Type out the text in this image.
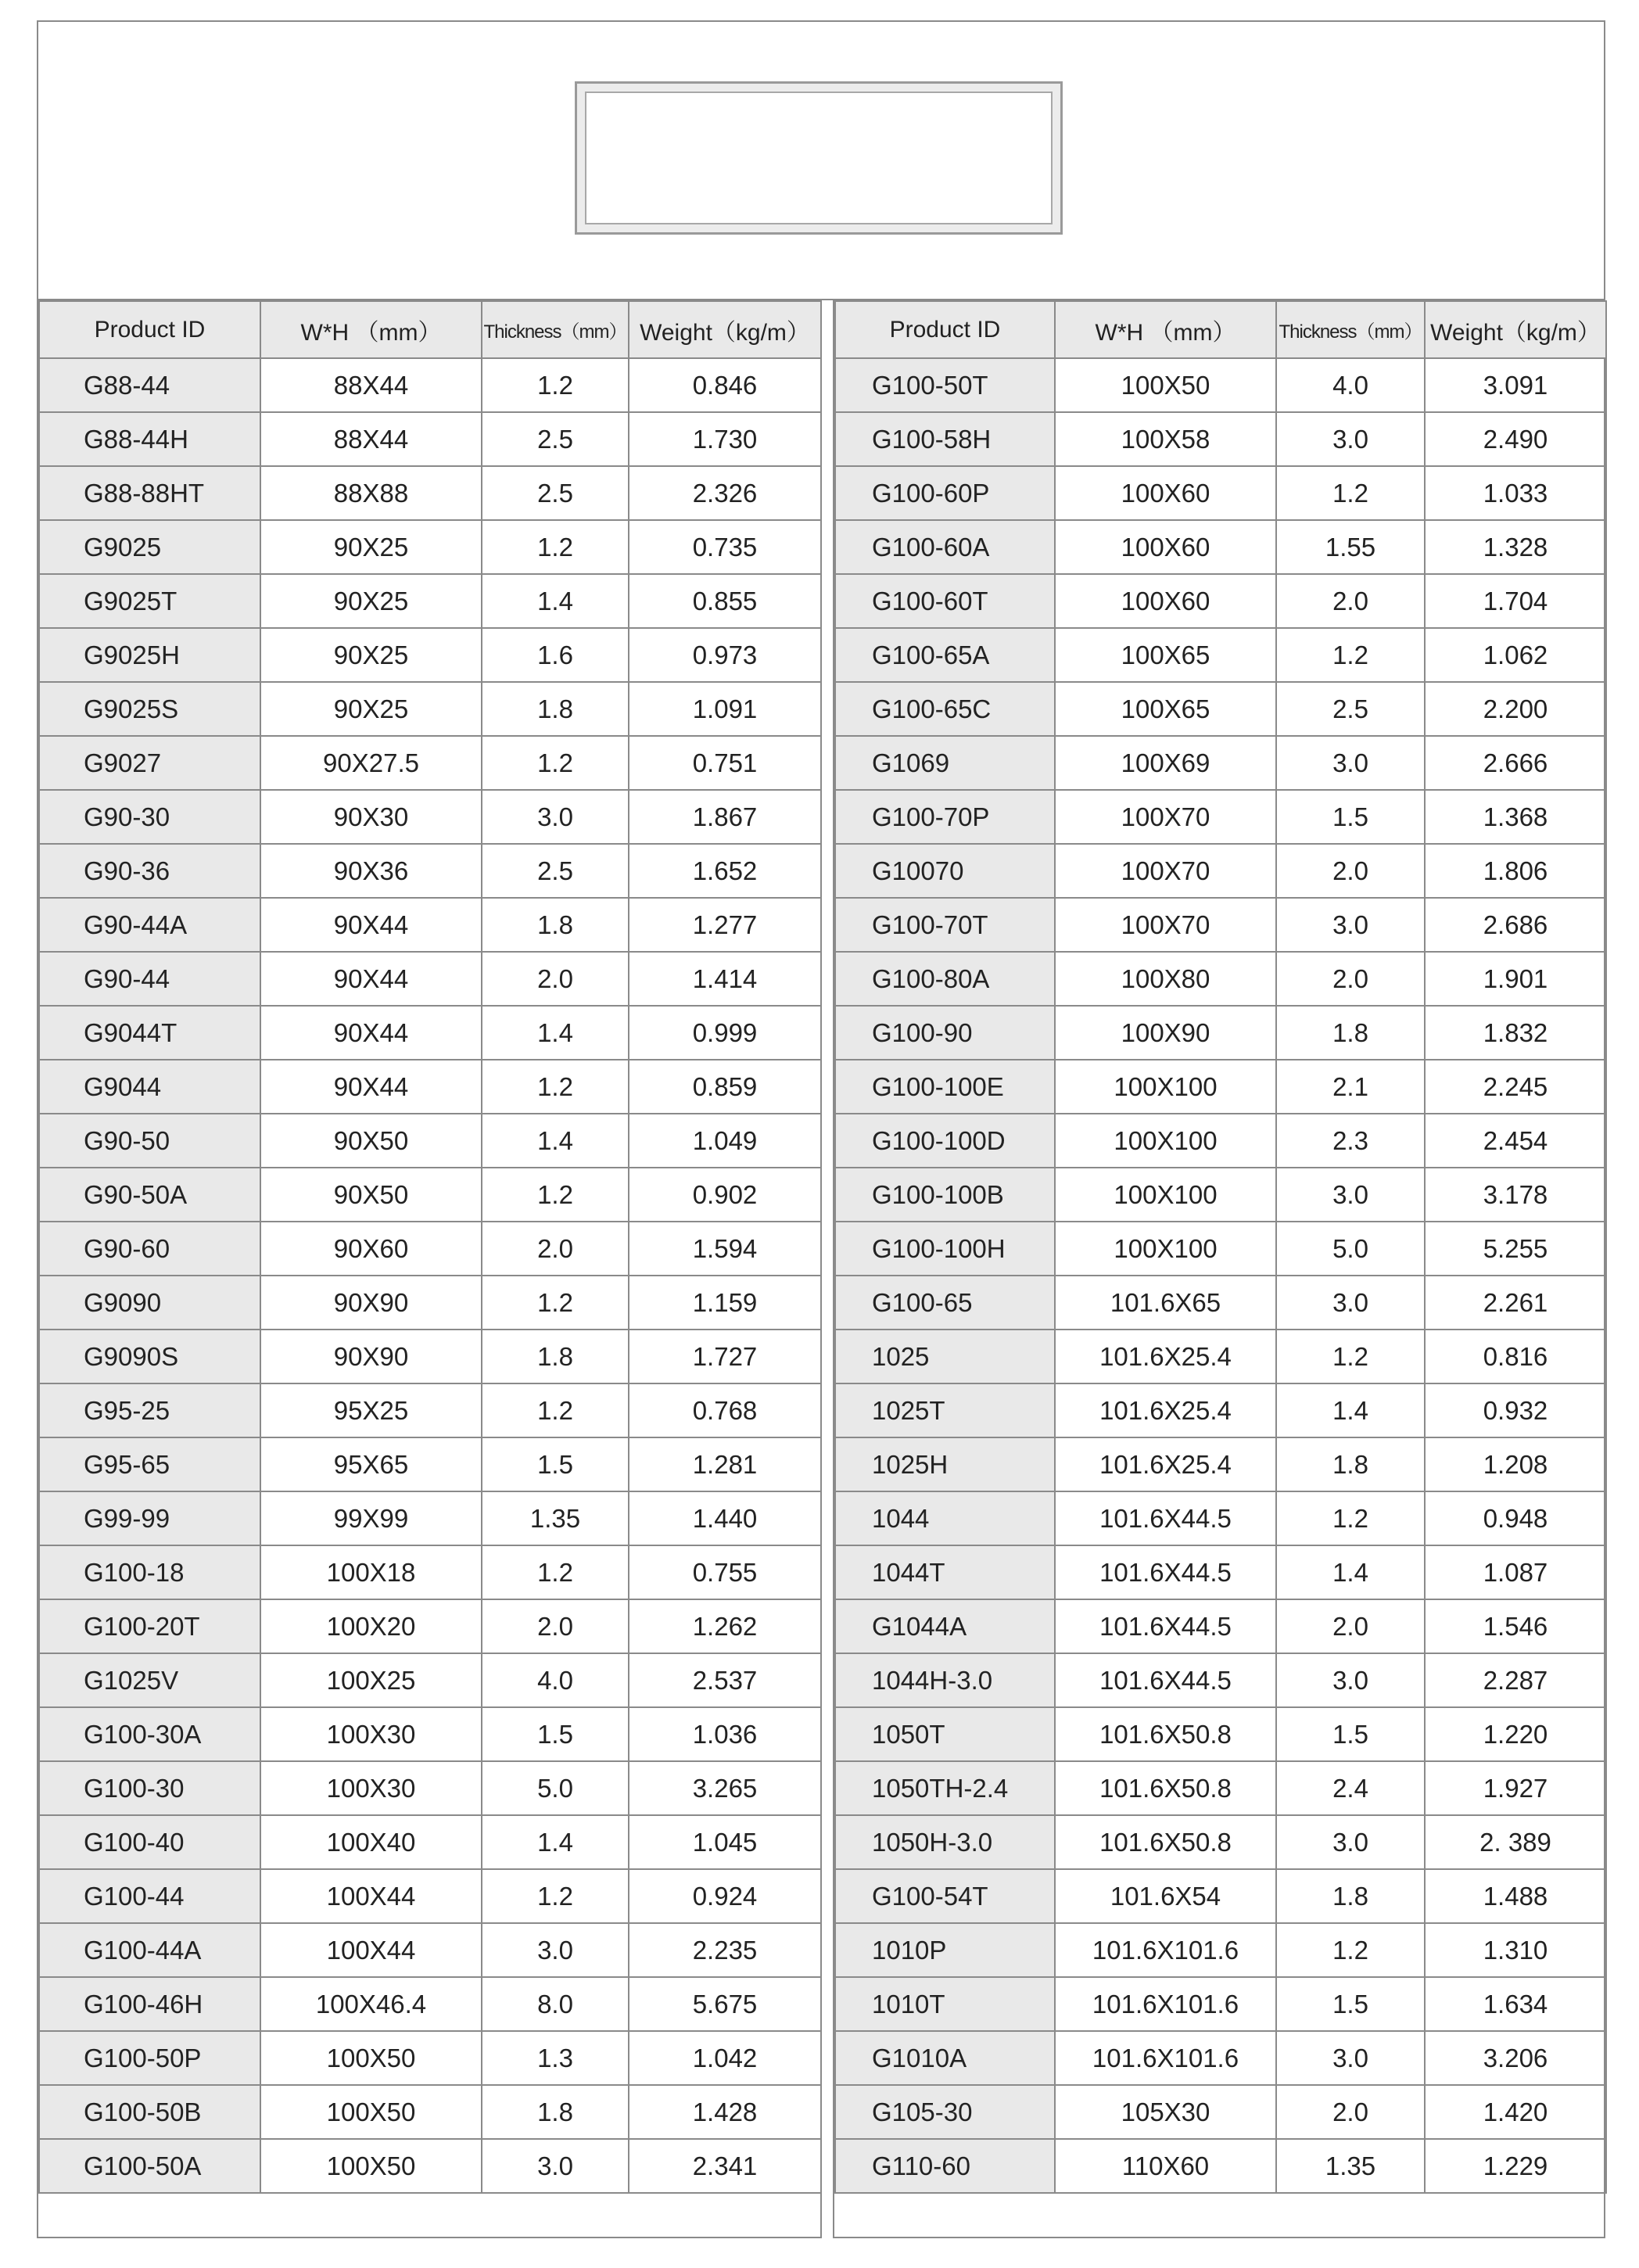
Product ID	W*H （mm）	Thickness（mm）	Weight（kg/m）
G88-44	88X44	1.2	0.846
G88-44H	88X44	2.5	1.730
G88-88HT	88X88	2.5	2.326
G9025	90X25	1.2	0.735
G9025T	90X25	1.4	0.855
G9025H	90X25	1.6	0.973
G9025S	90X25	1.8	1.091
G9027	90X27.5	1.2	0.751
G90-30	90X30	3.0	1.867
G90-36	90X36	2.5	1.652
G90-44A	90X44	1.8	1.277
G90-44	90X44	2.0	1.414
G9044T	90X44	1.4	0.999
G9044	90X44	1.2	0.859
G90-50	90X50	1.4	1.049
G90-50A	90X50	1.2	0.902
G90-60	90X60	2.0	1.594
G9090	90X90	1.2	1.159
G9090S	90X90	1.8	1.727
G95-25	95X25	1.2	0.768
G95-65	95X65	1.5	1.281
G99-99	99X99	1.35	1.440
G100-18	100X18	1.2	0.755
G100-20T	100X20	2.0	1.262
G1025V	100X25	4.0	2.537
G100-30A	100X30	1.5	1.036
G100-30	100X30	5.0	3.265
G100-40	100X40	1.4	1.045
G100-44	100X44	1.2	0.924
G100-44A	100X44	3.0	2.235
G100-46H	100X46.4	8.0	5.675
G100-50P	100X50	1.3	1.042
G100-50B	100X50	1.8	1.428
G100-50A	100X50	3.0	2.341
Product ID	W*H （mm）	Thickness（mm）	Weight（kg/m）
G100-50T	100X50	4.0	3.091
G100-58H	100X58	3.0	2.490
G100-60P	100X60	1.2	1.033
G100-60A	100X60	1.55	1.328
G100-60T	100X60	2.0	1.704
G100-65A	100X65	1.2	1.062
G100-65C	100X65	2.5	2.200
G1069	100X69	3.0	2.666
G100-70P	100X70	1.5	1.368
G10070	100X70	2.0	1.806
G100-70T	100X70	3.0	2.686
G100-80A	100X80	2.0	1.901
G100-90	100X90	1.8	1.832
G100-100E	100X100	2.1	2.245
G100-100D	100X100	2.3	2.454
G100-100B	100X100	3.0	3.178
G100-100H	100X100	5.0	5.255
G100-65	101.6X65	3.0	2.261
1025	101.6X25.4	1.2	0.816
1025T	101.6X25.4	1.4	0.932
1025H	101.6X25.4	1.8	1.208
1044	101.6X44.5	1.2	0.948
1044T	101.6X44.5	1.4	1.087
G1044A	101.6X44.5	2.0	1.546
1044H-3.0	101.6X44.5	3.0	2.287
1050T	101.6X50.8	1.5	1.220
1050TH-2.4	101.6X50.8	2.4	1.927
1050H-3.0	101.6X50.8	3.0	2. 389
G100-54T	101.6X54	1.8	1.488
1010P	101.6X101.6	1.2	1.310
1010T	101.6X101.6	1.5	1.634
G1010A	101.6X101.6	3.0	3.206
G105-30	105X30	2.0	1.420
G110-60	110X60	1.35	1.229
